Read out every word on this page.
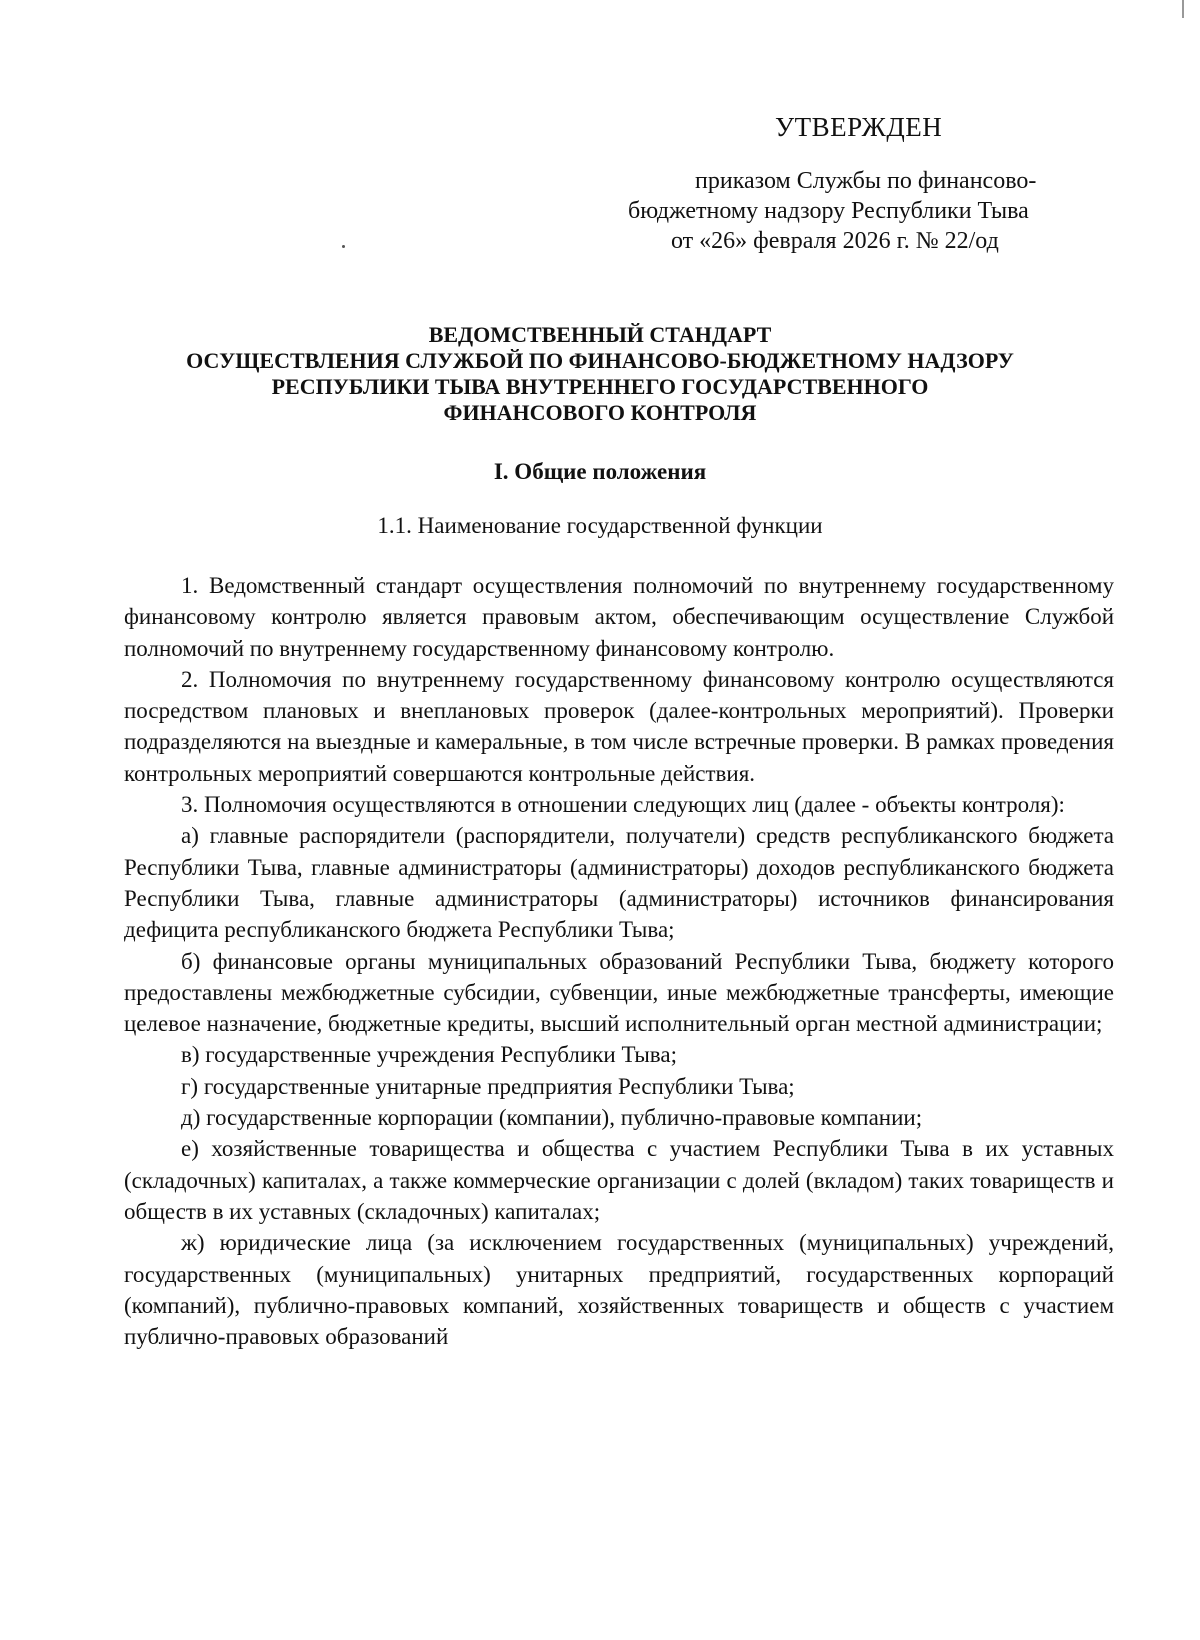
УТВЕРЖДЕН
приказом Службы по финансово-
бюджетному надзору Республики Тыва
от «26» февраля 2026 г. № 22/од
ВЕДОМСТВЕННЫЙ СТАНДАРТ
ОСУЩЕСТВЛЕНИЯ СЛУЖБОЙ ПО ФИНАНСОВО-БЮДЖЕТНОМУ НАДЗОРУ
РЕСПУБЛИКИ ТЫВА ВНУТРЕННЕГО ГОСУДАРСТВЕННОГО
ФИНАНСОВОГО КОНТРОЛЯ
I. Общие положения
1.1. Наименование государственной функции

1. Ведомственный стандарт осуществления полномочий по внутреннему государственному финансовому контролю является правовым актом, обеспечивающим осуществление Службой полномочий по внутреннему государственному финансовому контролю.

2. Полномочия по внутреннему государственному финансовому контролю осуществляются посредством плановых и внеплановых проверок (далее-контрольных мероприятий). Проверки подразделяются на выездные и камеральные, в том числе встречные проверки. В рамках проведения контрольных мероприятий совершаются контрольные действия.

3. Полномочия осуществляются в отношении следующих лиц (далее - объекты контроля):

а) главные распорядители (распорядители, получатели) средств республиканского бюджета Республики Тыва, главные администраторы (администраторы) доходов республиканского бюджета Республики Тыва, главные администраторы (администраторы) источников финансирования дефицита республиканского бюджета Республики Тыва;

б) финансовые органы муниципальных образований Республики Тыва, бюджету которого предоставлены межбюджетные субсидии, субвенции, иные межбюджетные трансферты, имеющие целевое назначение, бюджетные кредиты, высший исполнительный орган местной администрации;

в) государственные учреждения Республики Тыва;

г) государственные унитарные предприятия Республики Тыва;

д) государственные корпорации (компании), публично-правовые компании;

е) хозяйственные товарищества и общества с участием Республики Тыва в их уставных (складочных) капиталах, а также коммерческие организации с долей (вкладом) таких товариществ и обществ в их уставных (складочных) капиталах;

ж) юридические лица (за исключением государственных (муниципальных) учреждений, государственных (муниципальных) унитарных предприятий, государственных корпораций (компаний), публично-правовых компаний, хозяйственных товариществ и обществ с участием публично-правовых образований
